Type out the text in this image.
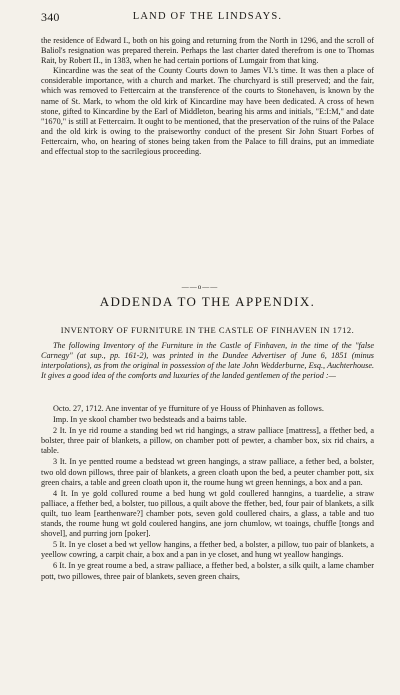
340	LAND OF THE LINDSAYS.

the residence of Edward I., both on his going and returning from the North in 1296, and the scroll of Baliol's resignation was prepared therein. Perhaps the last charter dated therefrom is one to Thomas Rait, by Robert II., in 1383, when he had certain portions of Lumgair from that king.

Kincardine was the seat of the County Courts down to James VI.'s time. It was then a place of considerable importance, with a church and market. The churchyard is still preserved; and the fair, which was removed to Fettercairn at the transference of the courts to Stonehaven, is known by the name of St. Mark, to whom the old kirk of Kincardine may have been dedicated. A cross of hewn stone, gifted to Kincardine by the Earl of Middleton, bearing his arms and initials, "E:I:M," and date "1670," is still at Fettercairn. It ought to be mentioned, that the preservation of the ruins of the Palace and the old kirk is owing to the praiseworthy conduct of the present Sir John Stuart Forbes of Fettercairn, who, on hearing of stones being taken from the Palace to fill drains, put an immediate and effectual stop to the sacrilegious proceeding.

——o——
ADDENDA TO THE APPENDIX.
INVENTORY OF FURNITURE IN THE CASTLE OF FINHAVEN IN 1712.

The following Inventory of the Furniture in the Castle of Finhaven, in the time of the "false Carnegy" (at sup., pp. 161-2), was printed in the Dundee Advertiser of June 6, 1851 (minus interpolations), as from the original in possession of the late John Wedderburne, Esq., Auchterhouse. It gives a good idea of the comforts and luxuries of the landed gentlemen of the period :—

Octo. 27, 1712. Ane inventar of ye ffurniture of ye Houss of Phinhaven as follows.

Imp. In ye skool chamber two bedsteads and a bairns table.

2 It. In ye rid roume a standing bed wt rid hangings, a straw palliace [mattress], a ffether bed, a bolster, three pair of blankets, a pillow, on chamber pott of pewter, a chamber box, six rid chairs, a table.

3 It. In ye pentted roume a bedstead wt green hangings, a straw palliace, a fether bed, a bolster, two old down pillows, three pair of blankets, a green cloath upon the bed, a peuter chamber pott, six green chairs, a table and green cloath upon it, the roume hung wt green hennings, a box and a pan.

4 It. In ye gold collured roume a bed hung wt gold coullered hanngins, a tuardelie, a straw palliace, a ffether bed, a bolster, tuo pillous, a quilt above the ffether, bed, four pair of blankets, a silk quilt, tuo leam [earthenware?] chamber pots, seven gold coullered chairs, a glass, a table and tuo stands, the roume hung wt gold coulered hangins, ane jorn chumlow, wt toaings, chuffle [tongs and shovel], and purring jorn [poker].

5 It. In ye closet a bed wt yellow hangins, a ffether bed, a bolster, a pillow, tuo pair of blankets, a yeellow cowring, a carpit chair, a box and a pan in ye closet, and hung wt yeallow hangings.

6 It. In ye great roume a bed, a straw palliace, a ffether bed, a bolster, a silk quilt, a lame chamber pott, two pillowes, three pair of blankets, seven green chairs,
